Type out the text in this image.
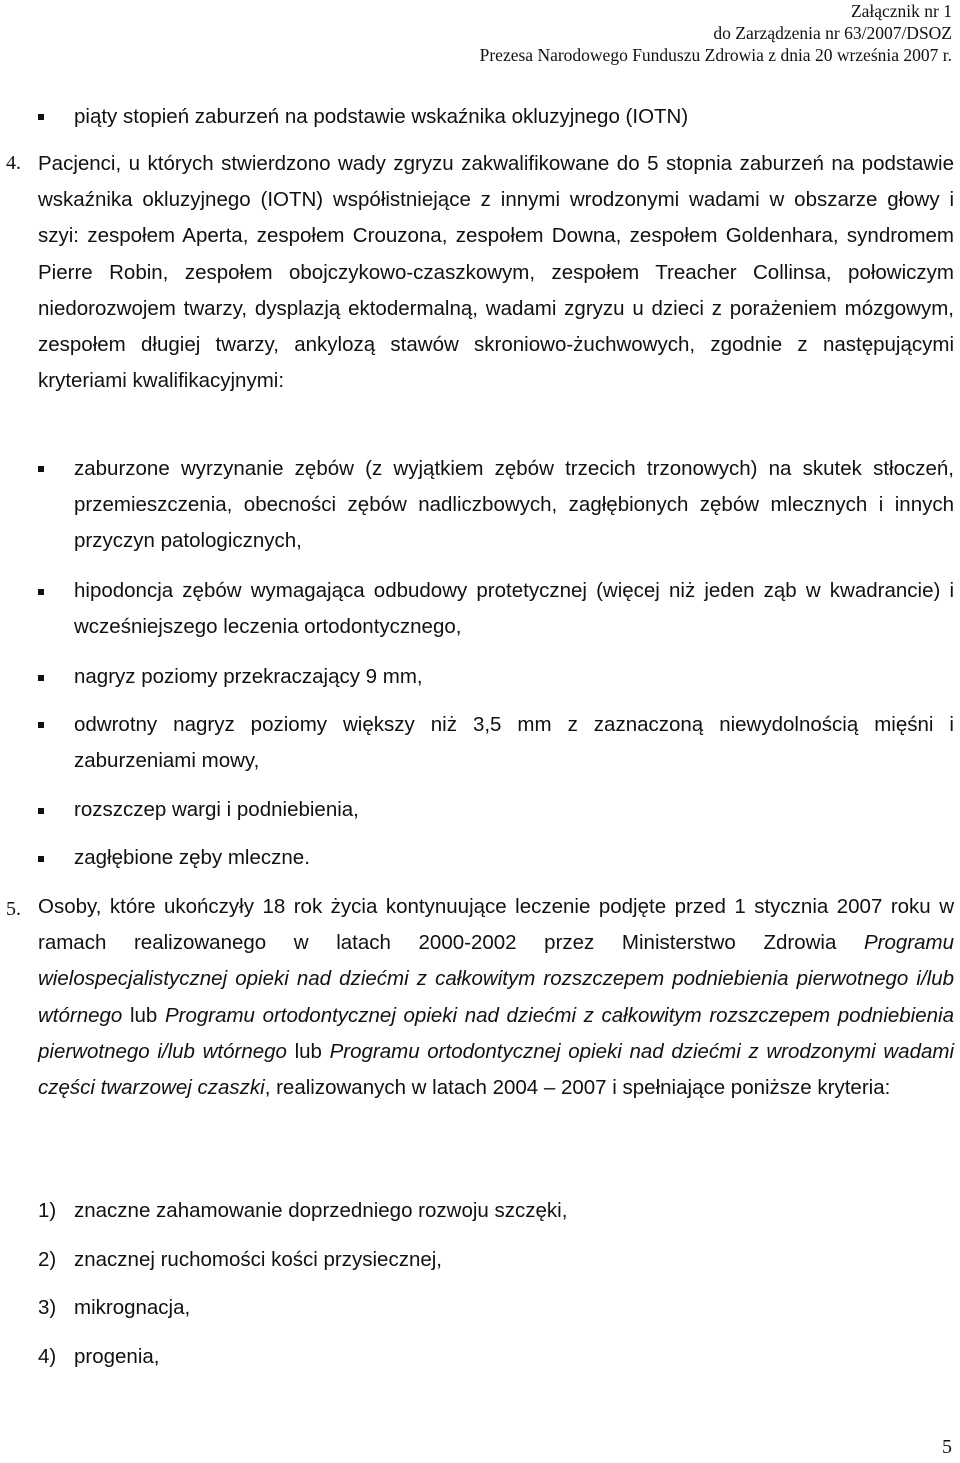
Załącznik nr 1
do Zarządzenia nr 63/2007/DSOZ
Prezesa Narodowego Funduszu Zdrowia z dnia 20 września 2007 r.
piąty stopień zaburzeń na podstawie wskaźnika okluzyjnego (IOTN)
4. Pacjenci, u których stwierdzono wady zgryzu zakwalifikowane do 5 stopnia zaburzeń na podstawie wskaźnika okluzyjnego (IOTN) współistniejące z innymi wrodzonymi wadami w obszarze głowy i szyi: zespołem Aperta, zespołem Crouzona, zespołem Downa, zespołem Goldenhara, syndromem Pierre Robin, zespołem obojczykowo-czaszkowym, zespołem Treacher Collinsa, połowiczym niedorozwojem twarzy, dysplazją ektodermalną, wadami zgryzu u dzieci z porażeniem mózgowym, zespołem długiej twarzy, ankylozą stawów skroniowo-żuchwowych, zgodnie z następującymi kryteriami kwalifikacyjnymi:
zaburzone wyrzynanie zębów (z wyjątkiem zębów trzecich trzonowych) na skutek stłoczeń, przemieszczenia, obecności zębów nadliczbowych, zagłębionych zębów mlecznych i innych przyczyn patologicznych,
hipodoncja zębów wymagająca odbudowy protetycznej (więcej niż jeden ząb w kwadrancie) i wcześniejszego leczenia ortodontycznego,
nagryz poziomy przekraczający 9 mm,
odwrotny nagryz poziomy większy niż 3,5 mm z zaznaczoną niewydolnością mięśni i zaburzeniami mowy,
rozszczep wargi i podniebienia,
zagłębione zęby mleczne.
5. Osoby, które ukończyły 18 rok życia kontynuujące leczenie podjęte przed 1 stycznia 2007 roku w ramach realizowanego w latach 2000-2002 przez Ministerstwo Zdrowia Programu wielospecjalistycznej opieki nad dziećmi z całkowitym rozszczepem podniebienia pierwotnego i/lub wtórnego lub Programu ortodontycznej opieki nad dziećmi z całkowitym rozszczepem podniebienia pierwotnego i/lub wtórnego lub Programu ortodontycznej opieki nad dziećmi z wrodzonymi wadami części twarzowej czaszki, realizowanych w latach 2004 – 2007 i spełniające poniższe kryteria:
1) znaczne zahamowanie doprzedniego rozwoju szczęki,
2) znacznej ruchomości kości przysiecznej,
3) mikrognacja,
4) progenia,
5
